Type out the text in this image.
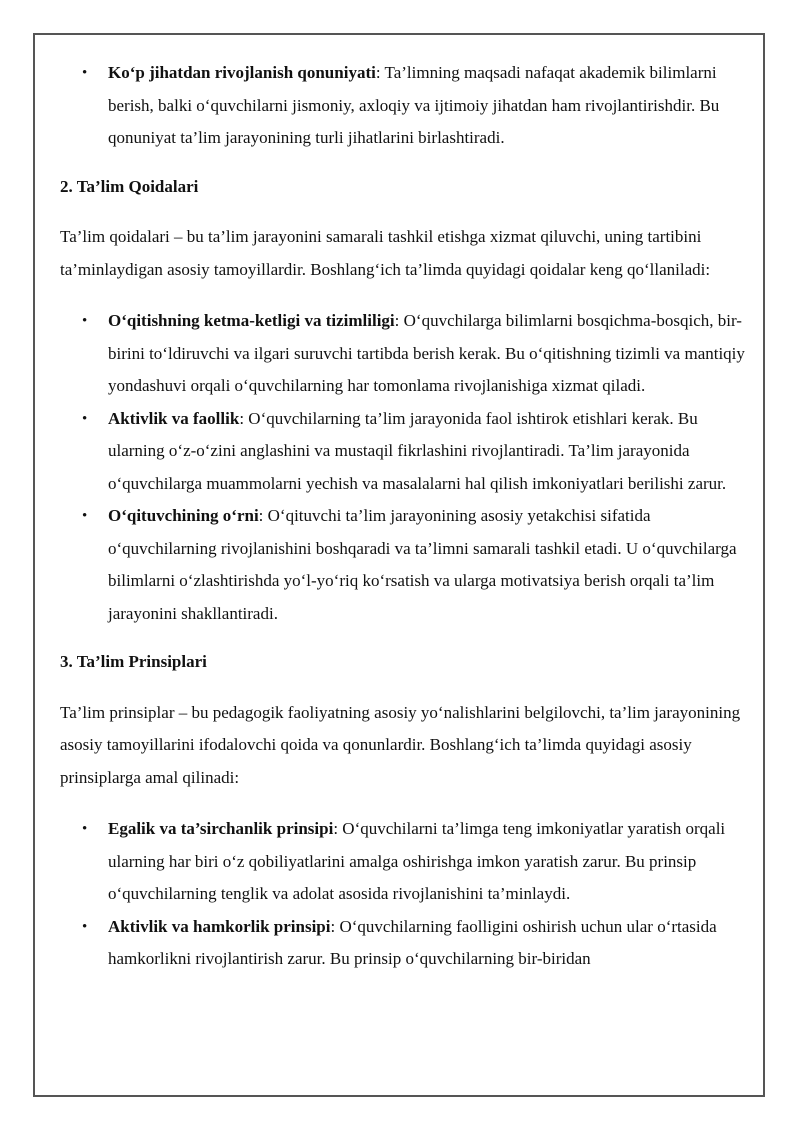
• Ko‘p jihatdan rivojlanish qonuniyati: Ta’limning maqsadi nafaqat akademik bilimlarni berish, balki o‘quvchilarni jismoniy, axloqiy va ijtimoiy jihatdan ham rivojlantirishdir. Bu qonuniyat ta’lim jarayonining turli jihatlarini birlashtiradi.

2. Ta’lim Qoidalari

Ta’lim qoidalari – bu ta’lim jarayonini samarali tashkil etishga xizmat qiluvchi, uning tartibini ta’minlaydigan asosiy tamoyillardir. Boshlang‘ich ta’limda quyidagi qoidalar keng qo‘llaniladi:

• O‘qitishning ketma-ketligi va tizimliligi: O‘quvchilarga bilimlarni bosqichma-bosqich, bir-birini to‘ldiruvchi va ilgari suruvchi tartibda berish kerak. Bu o‘qitishning tizimli va mantiqiy yondashuvi orqali o‘quvchilarning har tomonlama rivojlanishiga xizmat qiladi.
• Aktivlik va faollik: O‘quvchilarning ta’lim jarayonida faol ishtirok etishlari kerak. Bu ularning o‘z-o‘zini anglashini va mustaqil fikrlashini rivojlantiradi. Ta’lim jarayonida o‘quvchilarga muammolarni yechish va masalalarni hal qilish imkoniyatlari berilishi zarur.
• O‘qituvchining o‘rni: O‘qituvchi ta’lim jarayonining asosiy yetakchisi sifatida o‘quvchilarning rivojlanishini boshqaradi va ta’limni samarali tashkil etadi. U o‘quvchilarga bilimlarni o‘zlashtirishda yo‘l-yo‘riq ko‘rsatish va ularga motivatsiya berish orqali ta’lim jarayonini shakllantiradi.

3. Ta’lim Prinsiplari

Ta’lim prinsiplar – bu pedagogik faoliyatning asosiy yo‘nalishlarini belgilovchi, ta’lim jarayonining asosiy tamoyillarini ifodalovchi qoida va qonunlardir. Boshlang‘ich ta’limda quyidagi asosiy prinsiplarga amal qilinadi:

• Egalik va ta’sirchanlik prinsipi: O‘quvchilarni ta’limga teng imkoniyatlar yaratish orqali ularning har biri o‘z qobiliyatlarini amalga oshirishga imkon yaratish zarur. Bu prinsip o‘quvchilarning tenglik va adolat asosida rivojlanishini ta’minlaydi.
• Aktivlik va hamkorlik prinsipi: O‘quvchilarning faolligini oshirish uchun ular o‘rtasida hamkorlikni rivojlantirish zarur. Bu prinsip o‘quvchilarning bir-biridan
